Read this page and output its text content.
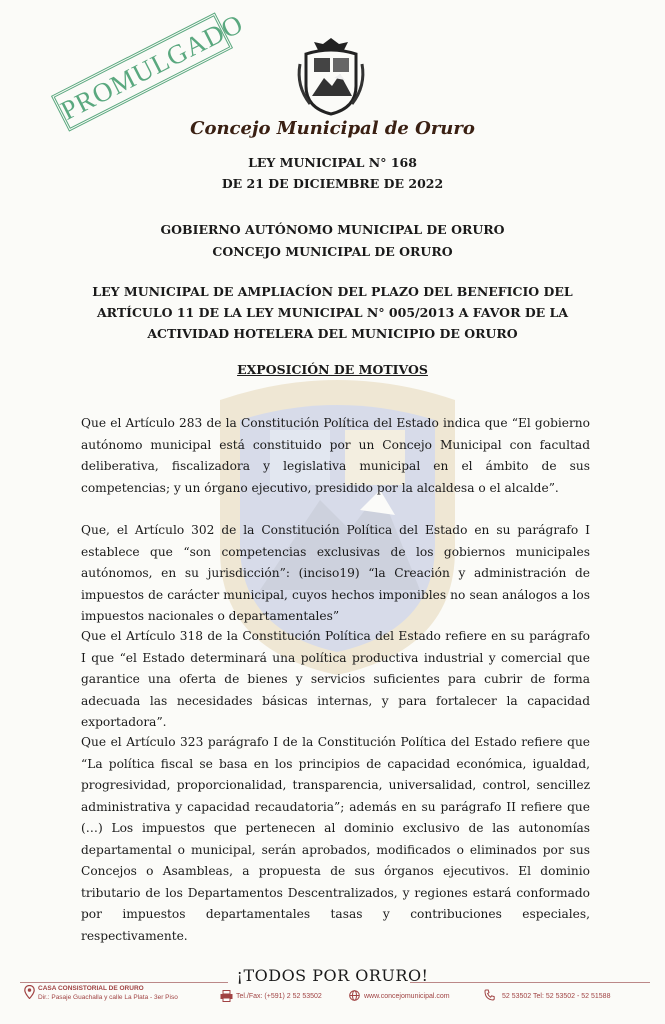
PROMULGADO
Concejo Municipal de Oruro
LEY MUNICIPAL N° 168
DE 21 DE DICIEMBRE DE 2022
GOBIERNO AUTÓNOMO MUNICIPAL DE ORURO
CONCEJO MUNICIPAL DE ORURO
LEY MUNICIPAL DE AMPLIACÍON DEL PLAZO DEL BENEFICIO DEL ARTÍCULO 11 DE LA LEY MUNICIPAL N° 005/2013 A FAVOR DE LA ACTIVIDAD HOTELERA DEL MUNICIPIO DE ORURO
EXPOSICIÓN DE MOTIVOS

Que el Artículo 283 de la Constitución Política del Estado indica que “El gobierno autónomo municipal está constituido por un Concejo Municipal con facultad deliberativa, fiscalizadora y legislativa municipal en el ámbito de sus competencias; y un órgano ejecutivo, presidido por la alcaldesa o el alcalde”.

Que, el Artículo 302 de la Constitución Política del Estado en su parágrafo I establece que “son competencias exclusivas de los gobiernos municipales autónomos, en su jurisdicción”: (inciso19) “la Creación y administración de impuestos de carácter municipal, cuyos hechos imponibles no sean análogos a los impuestos nacionales o departamentales”

Que el Artículo 318 de la Constitución Política del Estado refiere en su parágrafo I que “el Estado determinará una política productiva industrial y comercial que garantice una oferta de bienes y servicios suficientes para cubrir de forma adecuada las necesidades básicas internas, y para fortalecer la capacidad exportadora”.

Que el Artículo 323 parágrafo I de la Constitución Política del Estado refiere que “La política fiscal se basa en los principios de capacidad económica, igualdad, progresividad, proporcionalidad, transparencia, universalidad, control, sencillez administrativa y capacidad recaudatoria”; además en su parágrafo II refiere que (…) Los impuestos que pertenecen al dominio exclusivo de las autonomías departamental o municipal, serán aprobados, modificados o eliminados por sus Concejos o Asambleas, a propuesta de sus órganos ejecutivos. El dominio tributario de los Departamentos Descentralizados, y regiones estará conformado por impuestos departamentales tasas y contribuciones especiales, respectivamente.

¡TODOS POR ORURO!
CASA CONSISTORIAL DE ORURO
Dir.: Pasaje Guachalla y calle La Plata - 3er Piso	Tel./Fax: (+591) 2 52 53502	www.concejomunicipal.com	52 53502 Tel: 52 53502 - 52 51588
